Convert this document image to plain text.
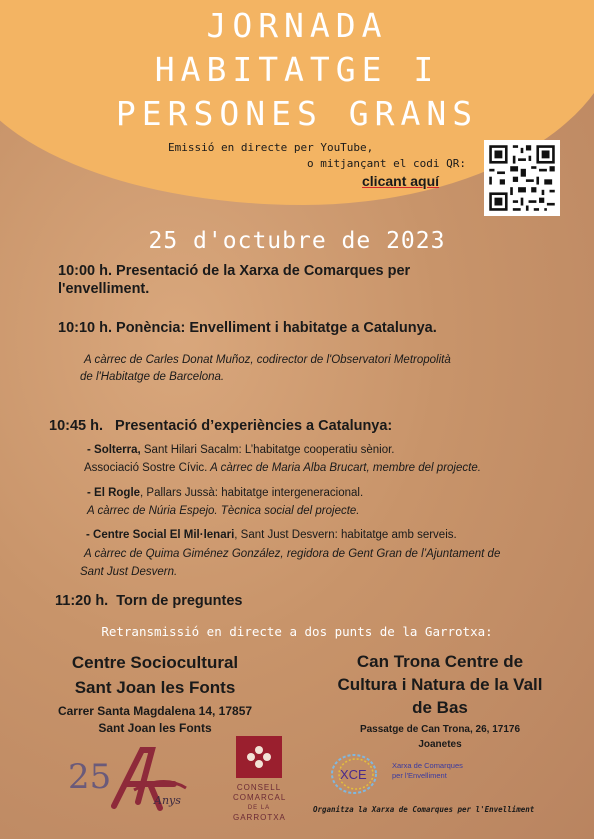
JORNADA
HABITATGE I
PERSONES GRANS
Emissió en directe per YouTube,
o mitjançant el codi QR:
clicant aquí
25 d'octubre de 2023
10:00 h. Presentació de la Xarxa de Comarques per
l'envelliment.
10:10 h. Ponència: Envelliment i habitatge a Catalunya.
A càrrec de Carles Donat Muñoz, codirector de l'Observatori Metropolità
de l'Habitatge de Barcelona.
10:45 h. Presentació d’experiències a Catalunya:
- Solterra, Sant Hilari Sacalm: L’habitatge cooperatiu sènior.
Associació Sostre Cívic. A càrrec de Maria Alba Brucart, membre del projecte.
- El Rogle, Pallars Jussà: habitatge intergeneracional.
A càrrec de Núria Espejo. Tècnica social del projecte.
- Centre Social El Mil·lenari, Sant Just Desvern: habitatge amb serveis.
A càrrec de Quima Giménez González, regidora de Gent Gran de l’Ajuntament de
Sant Just Desvern.
11:20 h. Torn de preguntes
Retransmissió en directe a dos punts de la Garrotxa:
Centre Sociocultural
Sant Joan les Fonts
Carrer Santa Magdalena 14, 17857
Sant Joan les Fonts
Can Trona Centre de
Cultura i Natura de la Vall
de Bas
Passatge de Can Trona, 26, 17176
Joanetes
25
Anys
CONSELL
COMARCAL
DE LA
GARROTXA
XCE
Xarxa de Comarques
per l'Envelliment
Organitza la Xarxa de Comarques per l'Envelliment
